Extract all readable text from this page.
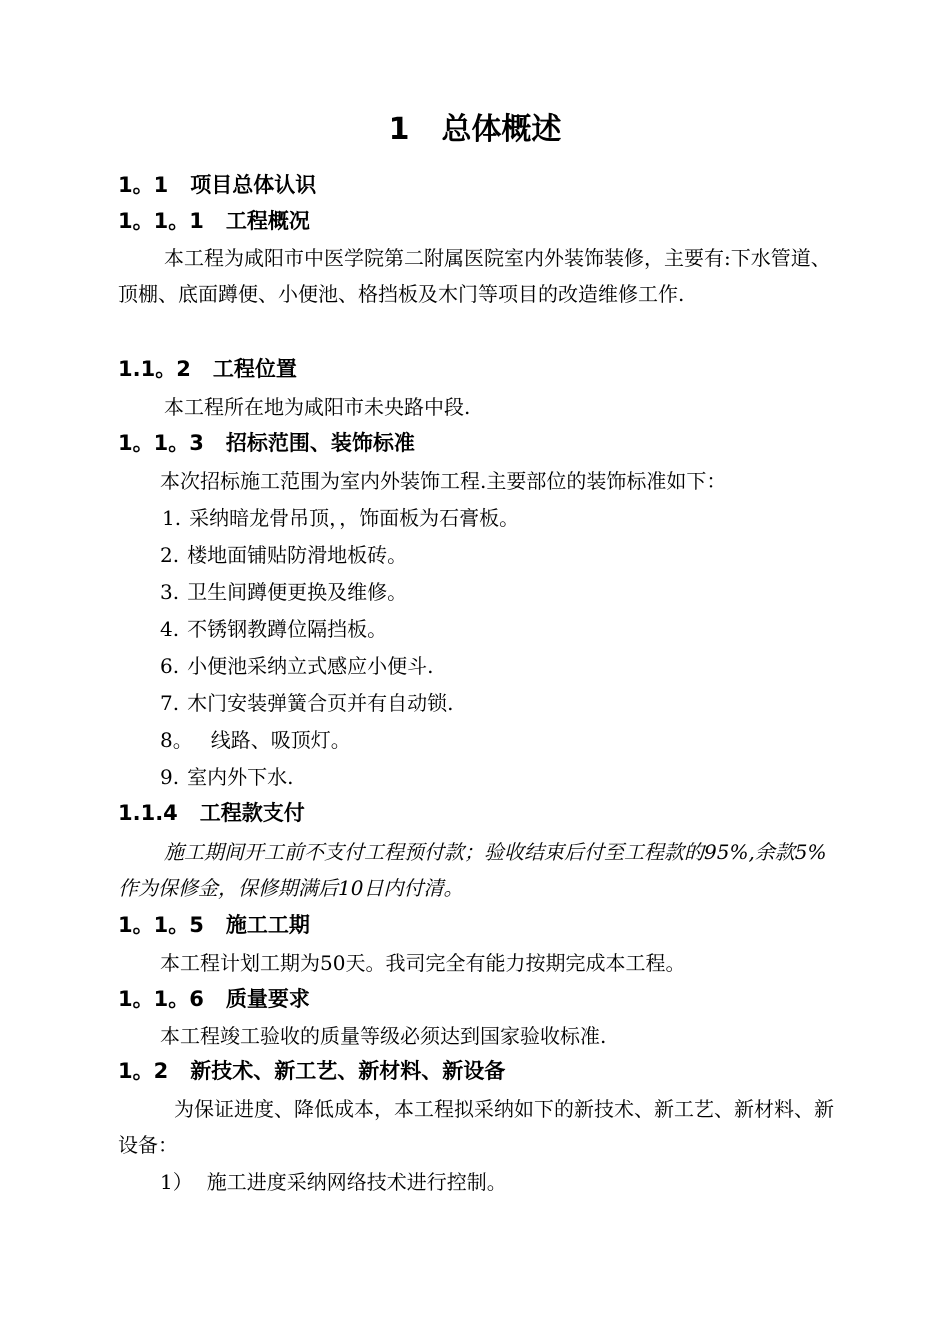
1 总体概述
1。1 项目总体认识
1。1。1 工程概况
本工程为咸阳市中医学院第二附属医院室内外装饰装修，主要有:下水管道、顶棚、底面蹲便、小便池、格挡板及木门等项目的改造维修工作.
1.1。2 工程位置
本工程所在地为咸阳市未央路中段.
1。1。3 招标范围、装饰标准
本次招标施工范围为室内外装饰工程.主要部位的装饰标准如下：
1. 采纳暗龙骨吊顶，，饰面板为石膏板。
2. 楼地面铺贴防滑地板砖。
3. 卫生间蹲便更换及维修。
4. 不锈钢教蹲位隔挡板。
6. 小便池采纳立式感应小便斗.
7. 木门安装弹簧合页并有自动锁.
8。 线路、吸顶灯。
9. 室内外下水.
1.1.4 工程款支付
施工期间开工前不支付工程预付款；验收结束后付至工程款的95%,余款5%作为保修金，保修期满后10日内付清。
1。1。5 施工工期
本工程计划工期为50天。我司完全有能力按期完成本工程。
1。1。6 质量要求
本工程竣工验收的质量等级必须达到国家验收标准.
1。2 新技术、新工艺、新材料、新设备
为保证进度、降低成本，本工程拟采纳如下的新技术、新工艺、新材料、新设备：
1） 施工进度采纳网络技术进行控制。
